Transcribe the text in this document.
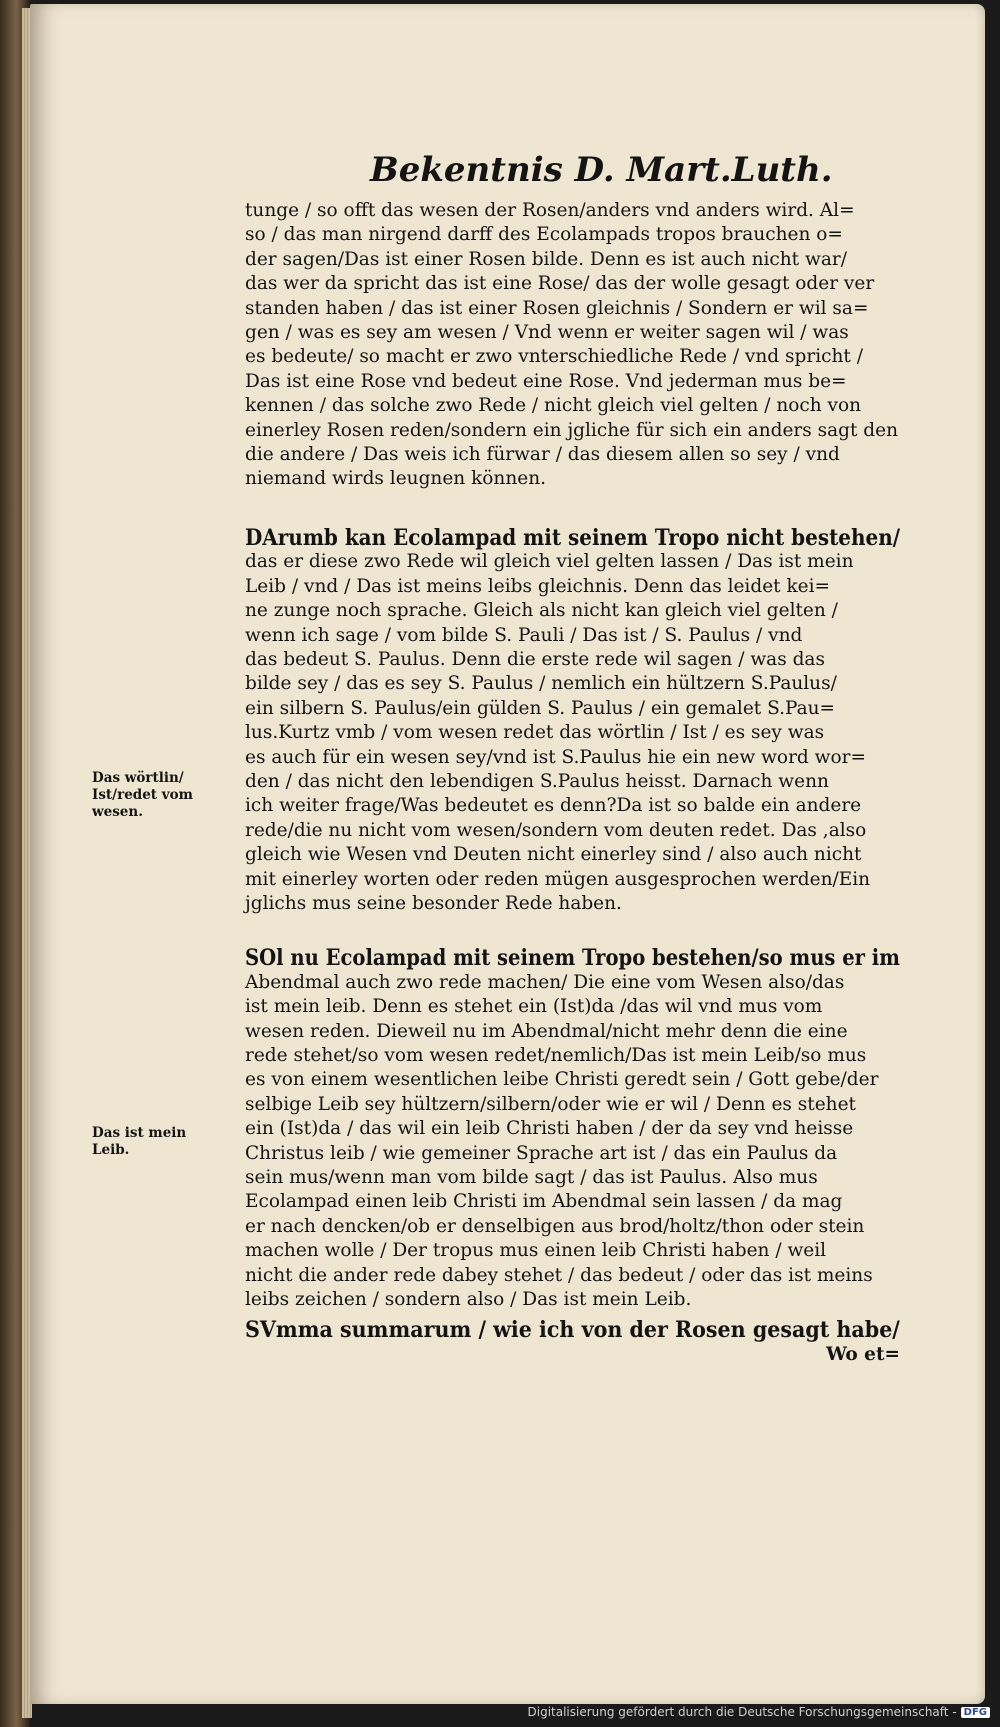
Bekentnis D. Mart.Luth.
Das wörtlin/
Ist/redet vom
wesen.
Das ist mein
Leib.

tunge / so offt das wesen der Rosen/anders vnd anders wird. Al=
so / das man nirgend darff des Ecolampads tropos brauchen o=
der sagen/Das ist einer Rosen bilde. Denn es ist auch nicht war/
das wer da spricht das ist eine Rose/ das der wolle gesagt oder ver
standen haben / das ist einer Rosen gleichnis / Sondern er wil sa=
gen / was es sey am wesen / Vnd wenn er weiter sagen wil / was
es bedeute/ so macht er zwo vnterschiedliche Rede / vnd spricht /
Das ist eine Rose vnd bedeut eine Rose. Vnd jederman mus be=
kennen / das solche zwo Rede / nicht gleich viel gelten / noch von
einerley Rosen reden/sondern ein jgliche für sich ein anders sagt den
die andere / Das weis ich fürwar / das diesem allen so sey / vnd
niemand wirds leugnen können.

DArumb kan Ecolampad mit seinem Tropo nicht bestehen/
das er diese zwo Rede wil gleich viel gelten lassen / Das ist mein
Leib / vnd / Das ist meins leibs gleichnis. Denn das leidet kei=
ne zunge noch sprache. Gleich als nicht kan gleich viel gelten /
wenn ich sage / vom bilde S. Pauli / Das ist / S. Paulus / vnd
das bedeut S. Paulus. Denn die erste rede wil sagen / was das
bilde sey / das es sey S. Paulus / nemlich ein hültzern S.Paulus/
ein silbern S. Paulus/ein gülden S. Paulus / ein gemalet S.Pau=
lus.Kurtz vmb / vom wesen redet das wörtlin / Ist / es sey was
es auch für ein wesen sey/vnd ist S.Paulus hie ein new word wor=
den / das nicht den lebendigen S.Paulus heisst. Darnach wenn
ich weiter frage/Was bedeutet es denn?Da ist so balde ein andere
rede/die nu nicht vom wesen/sondern vom deuten redet. Das ,also
gleich wie Wesen vnd Deuten nicht einerley sind / also auch nicht
mit einerley worten oder reden mügen ausgesprochen werden/Ein
jglichs mus seine besonder Rede haben.

SOl nu Ecolampad mit seinem Tropo bestehen/so mus er im
Abendmal auch zwo rede machen/ Die eine vom Wesen also/das
ist mein leib. Denn es stehet ein (Ist)da /das wil vnd mus vom
wesen reden. Dieweil nu im Abendmal/nicht mehr denn die eine
rede stehet/so vom wesen redet/nemlich/Das ist mein Leib/so mus
es von einem wesentlichen leibe Christi geredt sein / Gott gebe/der
selbige Leib sey hültzern/silbern/oder wie er wil / Denn es stehet
ein (Ist)da / das wil ein leib Christi haben / der da sey vnd heisse
Christus leib / wie gemeiner Sprache art ist / das ein Paulus da
sein mus/wenn man vom bilde sagt / das ist Paulus. Also mus
Ecolampad einen leib Christi im Abendmal sein lassen / da mag
er nach dencken/ob er denselbigen aus brod/holtz/thon oder stein
machen wolle / Der tropus mus einen leib Christi haben / weil
nicht die ander rede dabey stehet / das bedeut / oder das ist meins
leibs zeichen / sondern also / Das ist mein Leib.

SVmma summarum / wie ich von der Rosen gesagt habe/

Wo et=
Digitalisierung gefördert durch die Deutsche Forschungsgemeinschaft - DFG
